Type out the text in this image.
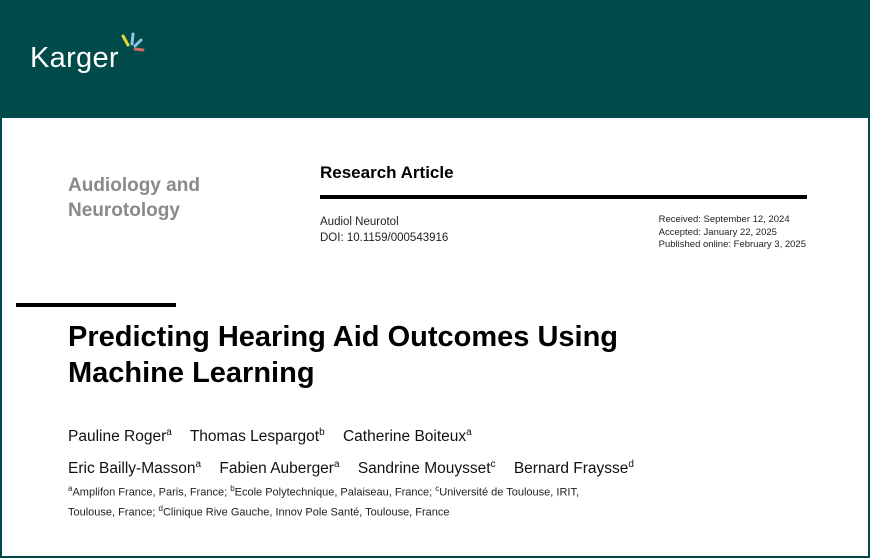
Karger
Audiology and Neurotology
Research Article
Audiol Neurotol
DOI: 10.1159/000543916
Received: September 12, 2024
Accepted: January 22, 2025
Published online: February 3, 2025
Predicting Hearing Aid Outcomes Using
Machine Learning
Pauline Roger$^a$ Thomas Lespargot$^b$ Catherine Boiteux$^a$
Eric Bailly-Masson$^a$ Fabien Auberger$^a$ Sandrine Mouysset$^c$ Bernard Fraysse$^d$
$^a$Amplifon France, Paris, France; $^b$Ecole Polytechnique, Palaiseau, France; $^c$Université de Toulouse, IRIT, Toulouse, France; $^d$Clinique Rive Gauche, Innov Pole Santé, Toulouse, France
